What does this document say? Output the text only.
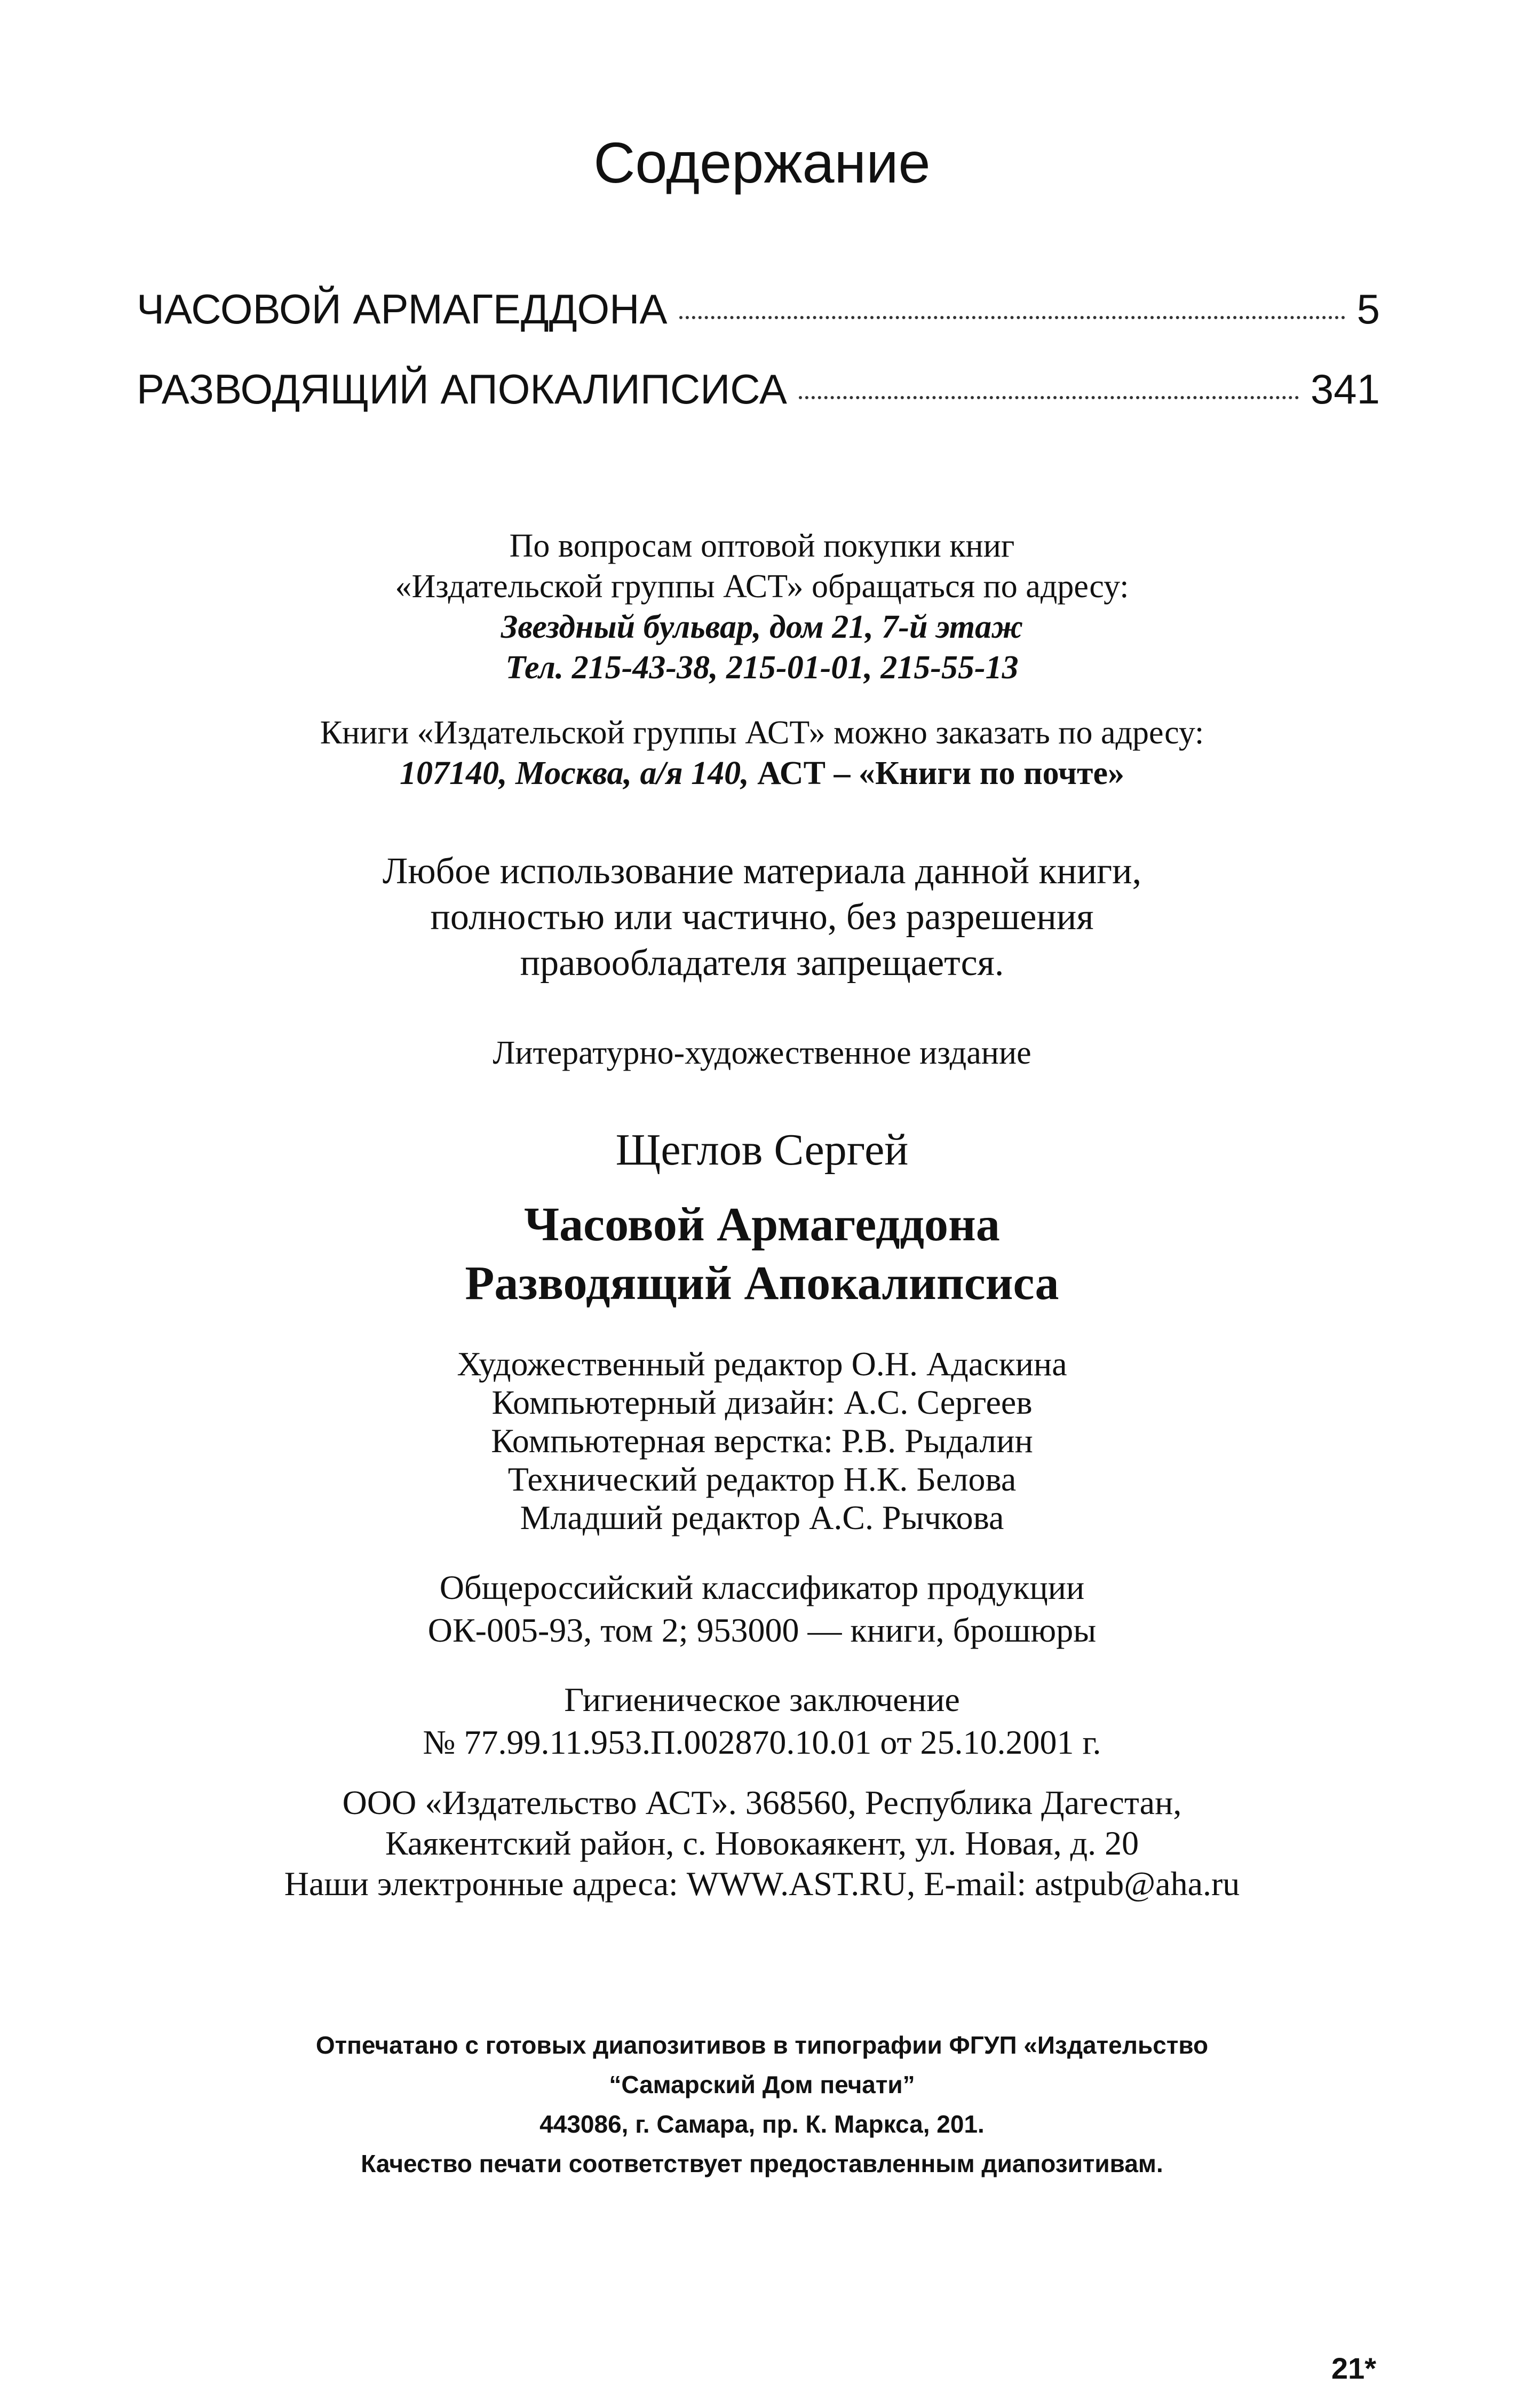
Содержание
ЧАСОВОЙ АРМАГЕДДОНА	5
РАЗВОДЯЩИЙ АПОКАЛИПСИСА	341
По вопросам оптовой покупки книг
«Издательской группы АСТ» обращаться по адресу:
Звездный бульвар, дом 21, 7-й этаж
Тел. 215-43-38, 215-01-01, 215-55-13
Книги «Издательской группы АСТ» можно заказать по адресу:
107140, Москва, а/я 140, АСТ – «Книги по почте»
Любое использование материала данной книги,
полностью или частично, без разрешения
правообладателя запрещается.
Литературно-художественное издание
Щеглов Сергей
Часовой Армагеддона
Разводящий Апокалипсиса
Художественный редактор О.Н. Адаскина
Компьютерный дизайн: А.С. Сергеев
Компьютерная верстка: Р.В. Рыдалин
Технический редактор Н.К. Белова
Младший редактор А.С. Рычкова
Общероссийский классификатор продукции
ОК-005-93, том 2; 953000 — книги, брошюры
Гигиеническое заключение
№ 77.99.11.953.П.002870.10.01 от 25.10.2001 г.
ООО «Издательство АСТ». 368560, Республика Дагестан,
Каякентский район, с. Новокаякент, ул. Новая, д. 20
Наши электронные адреса: WWW.AST.RU, E-mail: astpub@aha.ru
Отпечатано с готовых диапозитивов в типографии ФГУП «Издательство
“Самарский Дом печати”
443086, г. Самара, пр. К. Маркса, 201.
Качество печати соответствует предоставленным диапозитивам.
21*
